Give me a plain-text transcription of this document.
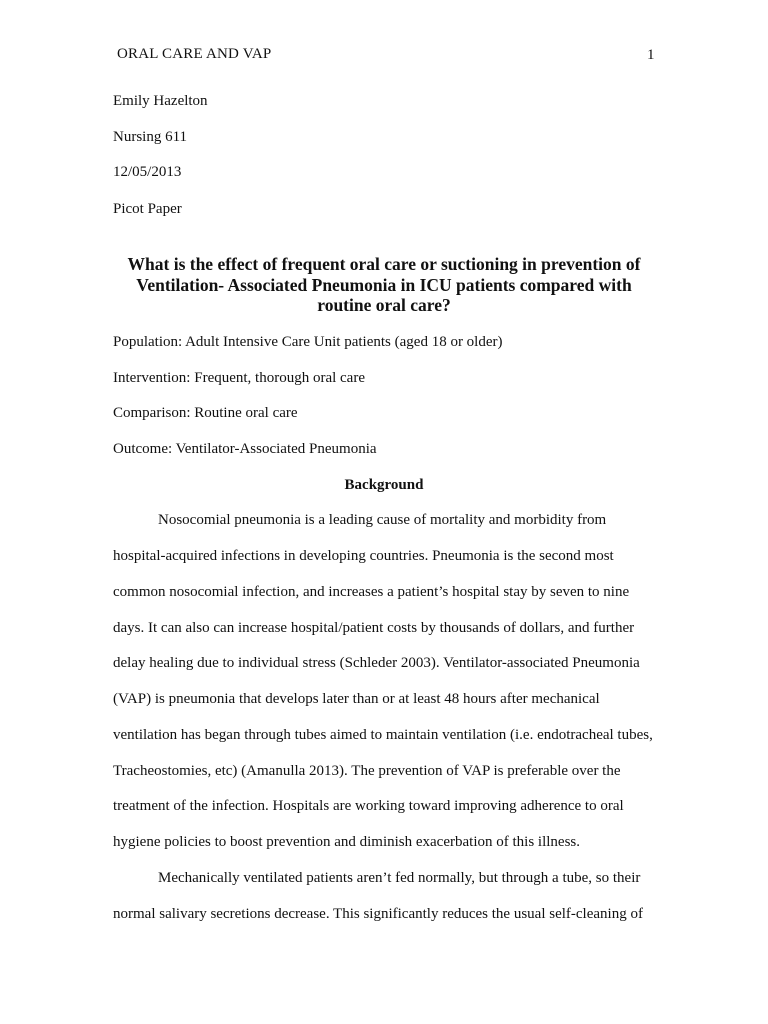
ORAL CARE AND VAP	1
Emily Hazelton
Nursing 611
12/05/2013
Picot Paper
What is the effect of frequent oral care or suctioning in prevention of
Ventilation- Associated Pneumonia in ICU patients compared with
routine oral care?
Population: Adult Intensive Care Unit patients (aged 18 or older)
Intervention: Frequent, thorough oral care
Comparison: Routine oral care
Outcome: Ventilator-Associated Pneumonia
Background
Nosocomial pneumonia is a leading cause of mortality and morbidity from
hospital-acquired infections in developing countries. Pneumonia is the second most
common nosocomial infection, and increases a patient’s hospital stay by seven to nine
days. It can also can increase hospital/patient costs by thousands of dollars, and further
delay healing due to individual stress (Schleder 2003). Ventilator-associated Pneumonia
(VAP) is pneumonia that develops later than or at least 48 hours after mechanical
ventilation has began through tubes aimed to maintain ventilation (i.e. endotracheal tubes,
Tracheostomies, etc) (Amanulla 2013). The prevention of VAP is preferable over the
treatment of the infection. Hospitals are working toward improving adherence to oral
hygiene policies to boost prevention and diminish exacerbation of this illness.
Mechanically ventilated patients aren’t fed normally, but through a tube, so their
normal salivary secretions decrease. This significantly reduces the usual self-cleaning of
